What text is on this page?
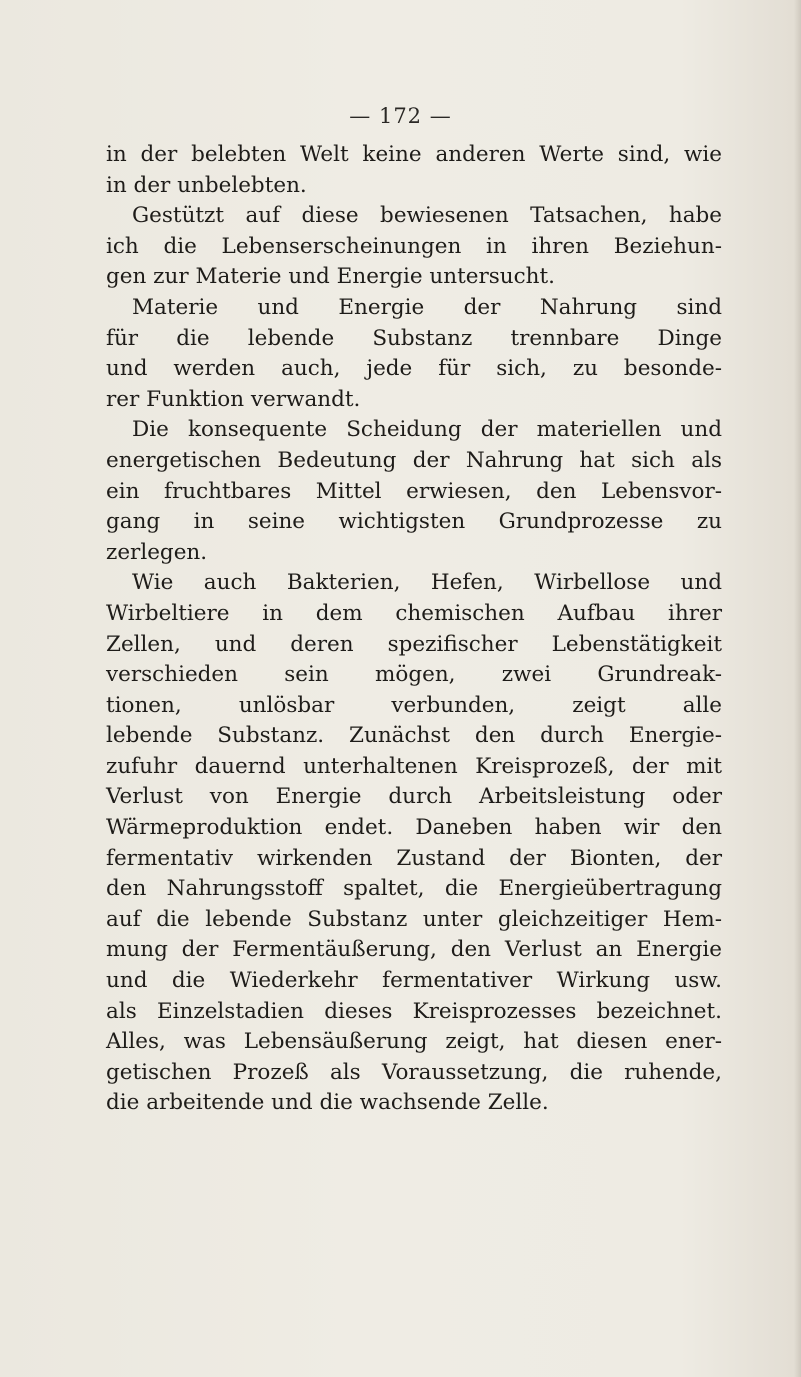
— 172 —
in der belebten Welt keine anderen Werte sind, wie
in der unbelebten.
Gestützt auf diese bewiesenen Tatsachen, habe
ich die Lebenserscheinungen in ihren Beziehun-
gen zur Materie und Energie untersucht.
Materie und Energie der Nahrung sind
für die lebende Substanz trennbare Dinge
und werden auch, jede für sich, zu besonde-
rer Funktion verwandt.
Die konsequente Scheidung der materiellen und
energetischen Bedeutung der Nahrung hat sich als
ein fruchtbares Mittel erwiesen, den Lebensvor-
gang in seine wichtigsten Grundprozesse zu
zerlegen.
Wie auch Bakterien, Hefen, Wirbellose und
Wirbeltiere in dem chemischen Aufbau ihrer
Zellen, und deren spezifischer Lebenstätigkeit
verschieden sein mögen, zwei Grundreak-
tionen, unlösbar verbunden, zeigt alle
lebende Substanz. Zunächst den durch Energie-
zufuhr dauernd unterhaltenen Kreisprozeß, der mit
Verlust von Energie durch Arbeitsleistung oder
Wärmeproduktion endet. Daneben haben wir den
fermentativ wirkenden Zustand der Bionten, der
den Nahrungsstoff spaltet, die Energieübertragung
auf die lebende Substanz unter gleichzeitiger Hem-
mung der Fermentäußerung, den Verlust an Energie
und die Wiederkehr fermentativer Wirkung usw.
als Einzelstadien dieses Kreisprozesses bezeichnet.
Alles, was Lebensäußerung zeigt, hat diesen ener-
getischen Prozeß als Voraussetzung, die ruhende,
die arbeitende und die wachsende Zelle.
